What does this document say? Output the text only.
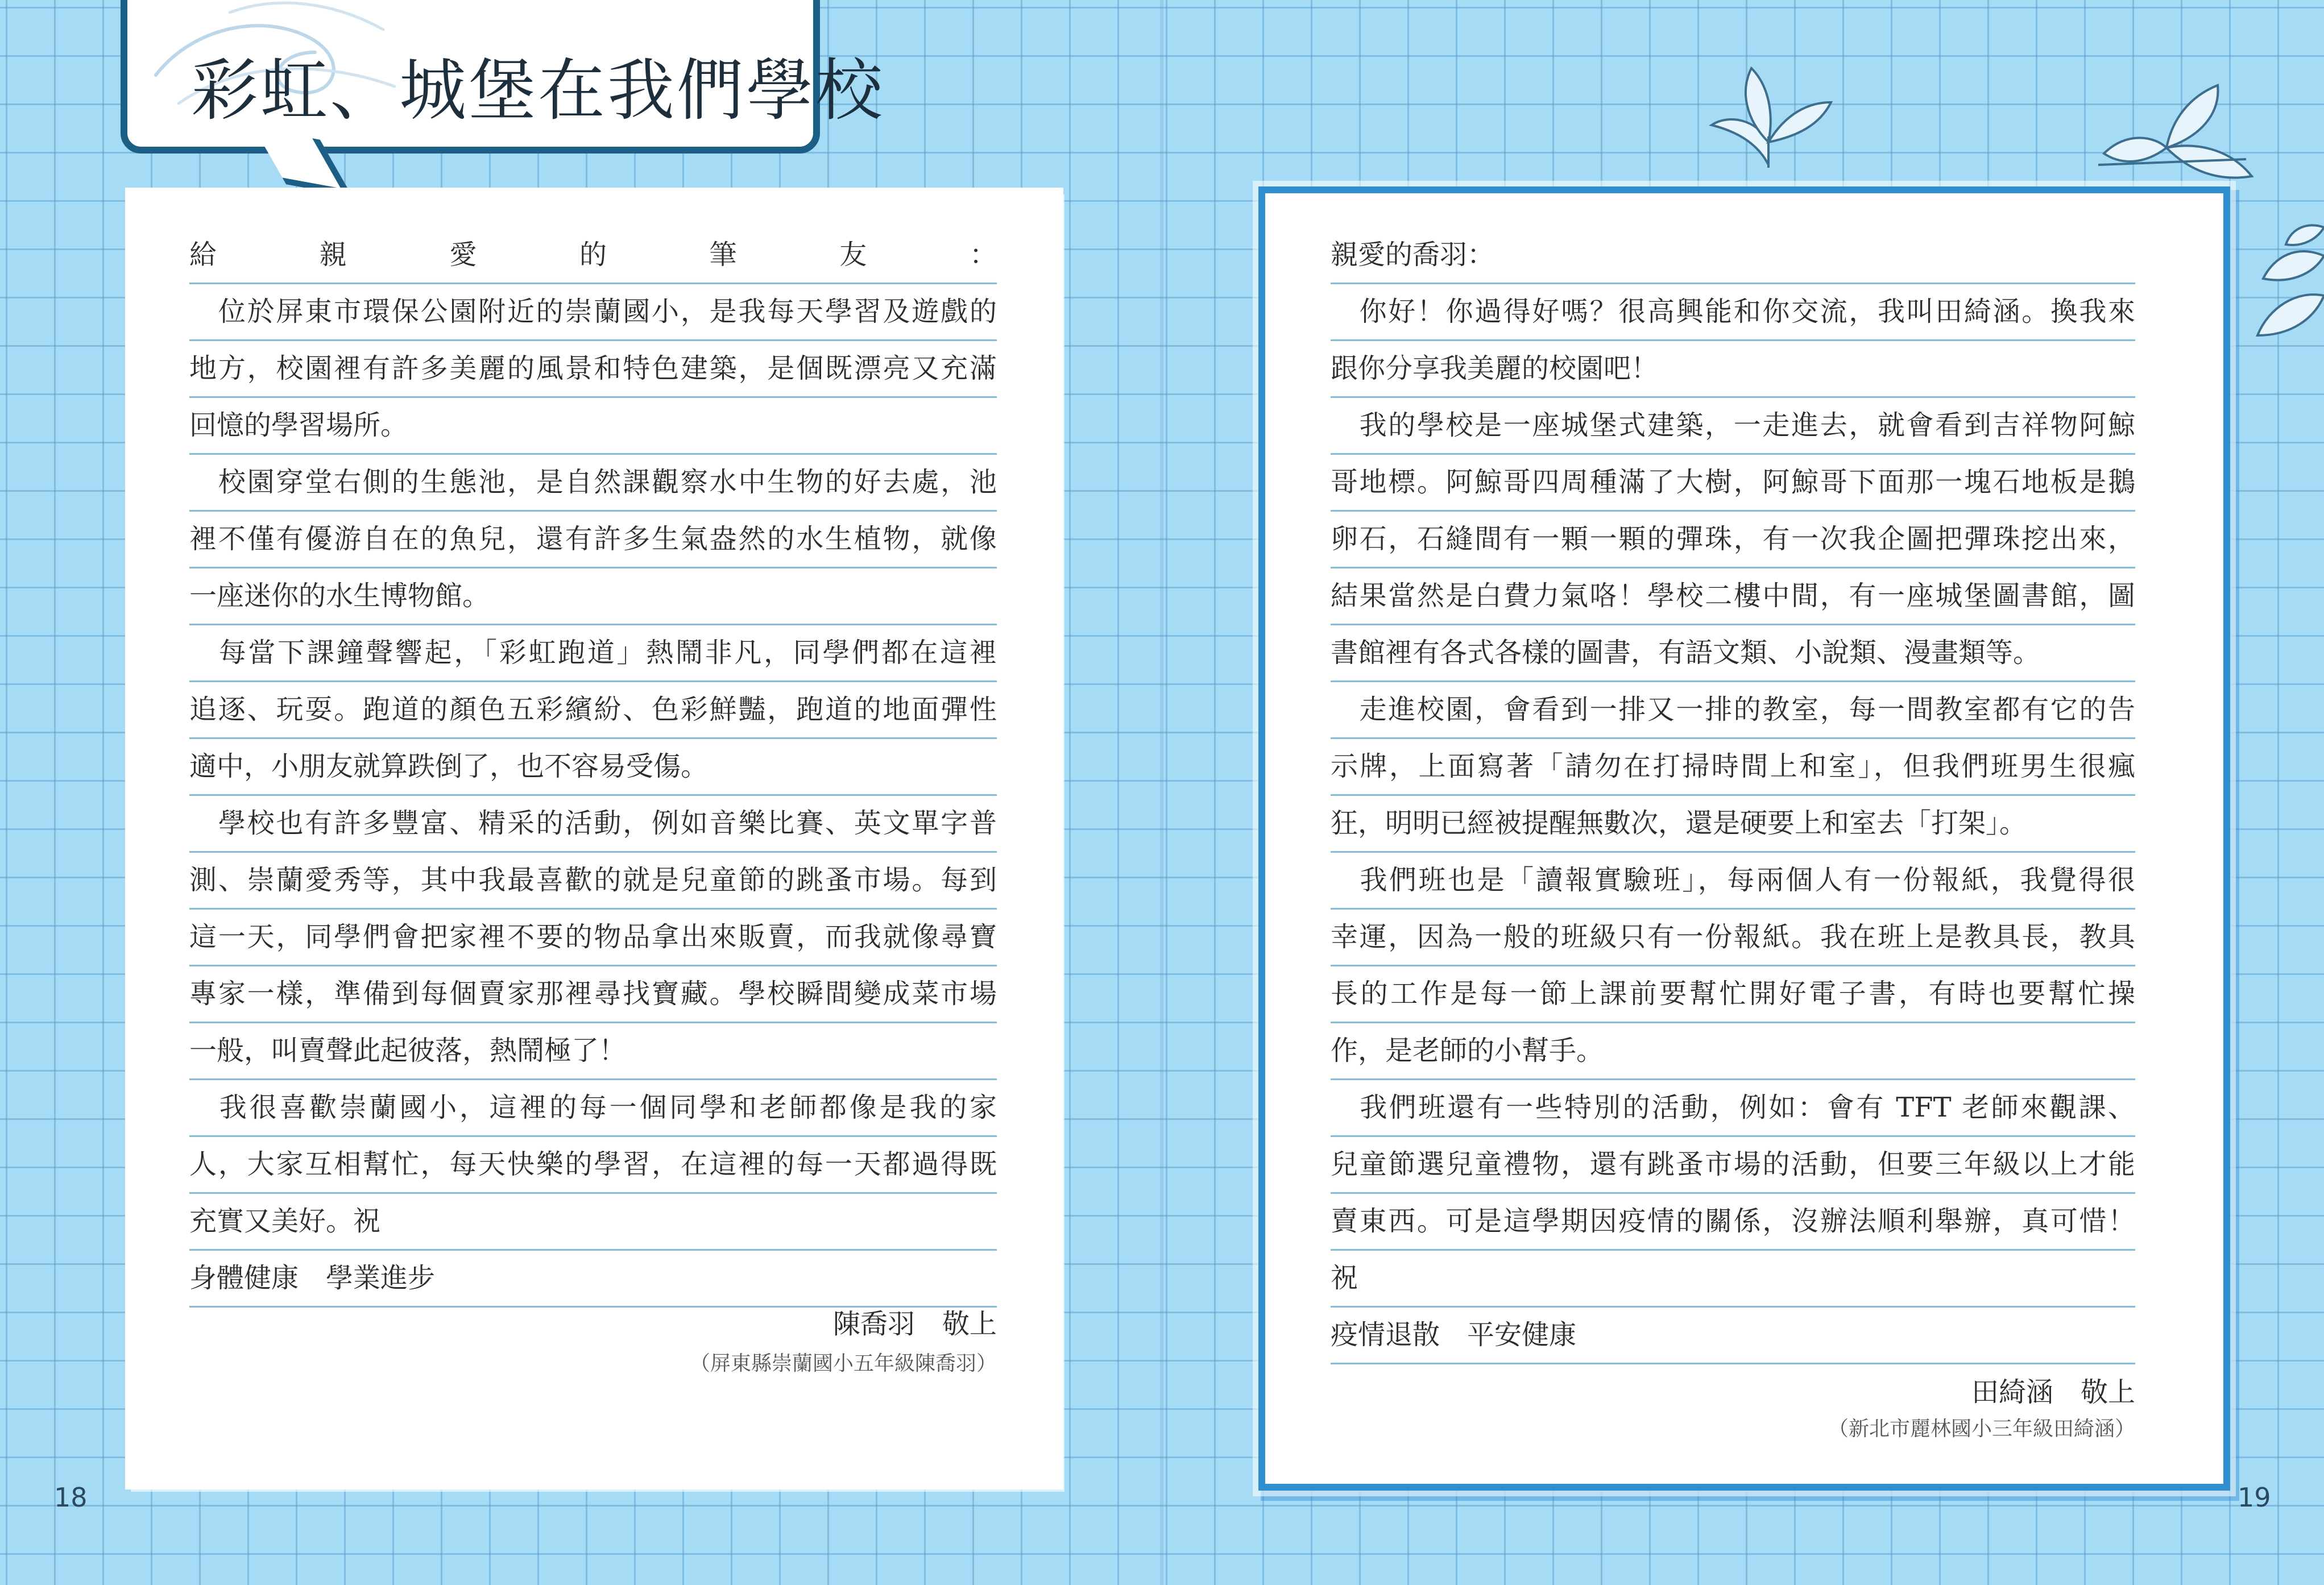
彩虹、城堡在我們學校
給親愛的筆友：
　位於屏東市環保公園附近的崇蘭國小，是我每天學習及遊戲的
地方，校園裡有許多美麗的風景和特色建築，是個既漂亮又充滿
回憶的學習場所。
　校園穿堂右側的生態池，是自然課觀察水中生物的好去處，池
裡不僅有優游自在的魚兒，還有許多生氣盎然的水生植物，就像
一座迷你的水生博物館。
　每當下課鐘聲響起，「彩虹跑道」熱鬧非凡，同學們都在這裡
追逐、玩耍。跑道的顏色五彩繽紛、色彩鮮豔，跑道的地面彈性
適中，小朋友就算跌倒了，也不容易受傷。
　學校也有許多豐富、精采的活動，例如音樂比賽、英文單字普
測、崇蘭愛秀等，其中我最喜歡的就是兒童節的跳蚤市場。每到
這一天，同學們會把家裡不要的物品拿出來販賣，而我就像尋寶
專家一樣，準備到每個賣家那裡尋找寶藏。學校瞬間變成菜市場
一般，叫賣聲此起彼落，熱鬧極了！
　我很喜歡崇蘭國小，這裡的每一個同學和老師都像是我的家
人，大家互相幫忙，每天快樂的學習，在這裡的每一天都過得既
充實又美好。祝
身體健康　學業進步
陳喬羽　敬上
（屏東縣崇蘭國小五年級陳喬羽）
親愛的喬羽：
　你好！你過得好嗎？很高興能和你交流，我叫田綺涵。換我來
跟你分享我美麗的校園吧！
　我的學校是一座城堡式建築，一走進去，就會看到吉祥物阿鯨
哥地標。阿鯨哥四周種滿了大樹，阿鯨哥下面那一塊石地板是鵝
卵石，石縫間有一顆一顆的彈珠，有一次我企圖把彈珠挖出來，
結果當然是白費力氣咯！學校二樓中間，有一座城堡圖書館，圖
書館裡有各式各樣的圖書，有語文類、小說類、漫畫類等。
　走進校園，會看到一排又一排的教室，每一間教室都有它的告
示牌，上面寫著「請勿在打掃時間上和室」，但我們班男生很瘋
狂，明明已經被提醒無數次，還是硬要上和室去「打架」。
　我們班也是「讀報實驗班」，每兩個人有一份報紙，我覺得很
幸運，因為一般的班級只有一份報紙。我在班上是教具長，教具
長的工作是每一節上課前要幫忙開好電子書，有時也要幫忙操
作，是老師的小幫手。
　我們班還有一些特別的活動，例如：會有 TFT 老師來觀課、
兒童節選兒童禮物，還有跳蚤市場的活動，但要三年級以上才能
賣東西。可是這學期因疫情的關係，沒辦法順利舉辦，真可惜！
祝
疫情退散　平安健康
田綺涵　敬上
（新北市麗林國小三年級田綺涵）
18	19
